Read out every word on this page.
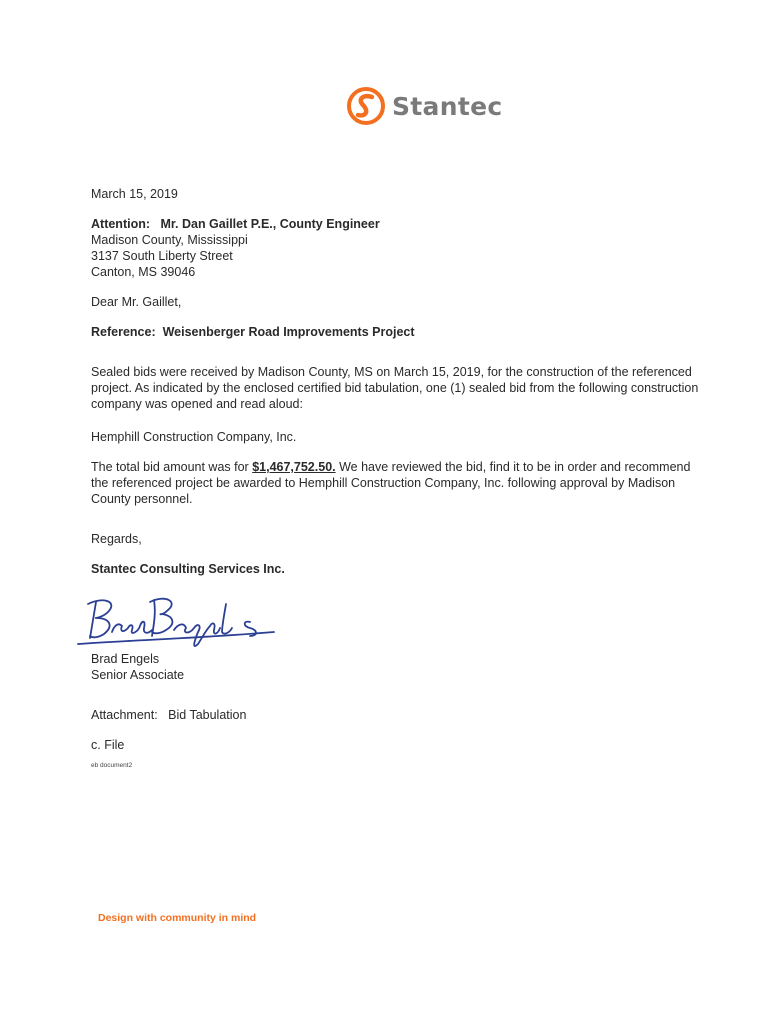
Stantec

March 15, 2019

Attention: Mr. Dan Gaillet P.E., County Engineer

Madison County, Mississippi

3137 South Liberty Street

Canton, MS 39046

Dear Mr. Gaillet,

Reference: Weisenberger Road Improvements Project

Sealed bids were received by Madison County, MS on March 15, 2019, for the construction of the referenced project. As indicated by the enclosed certified bid tabulation, one (1) sealed bid from the following construction company was opened and read aloud:

Hemphill Construction Company, Inc.

The total bid amount was for $1,467,752.50. We have reviewed the bid, find it to be in order and recommend the referenced project be awarded to Hemphill Construction Company, Inc. following approval by Madison County personnel.

Regards,

Stantec Consulting Services Inc.

Brad Engels

Senior Associate

Attachment: Bid Tabulation

c. File

eb document2

Design with community in mind
